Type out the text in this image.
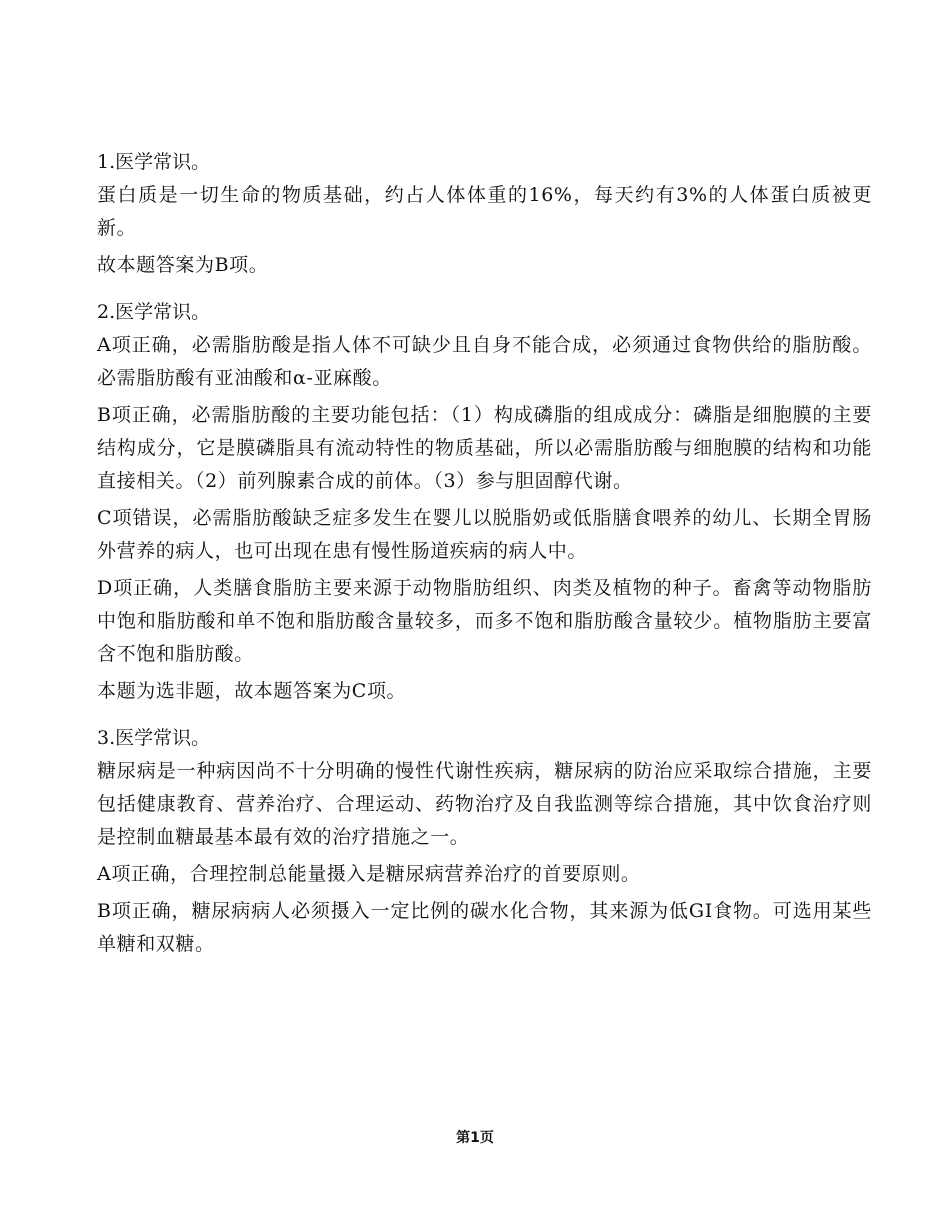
1.医学常识。

蛋白质是一切生命的物质基础，约占人体体重的16%，每天约有3%的人体蛋白质被更新。

故本题答案为B项。

2.医学常识。

A项正确，必需脂肪酸是指人体不可缺少且自身不能合成，必须通过食物供给的脂肪酸。必需脂肪酸有亚油酸和α-亚麻酸。

B项正确，必需脂肪酸的主要功能包括：（1）构成磷脂的组成成分：磷脂是细胞膜的主要结构成分，它是膜磷脂具有流动特性的物质基础，所以必需脂肪酸与细胞膜的结构和功能直接相关。（2）前列腺素合成的前体。（3）参与胆固醇代谢。

C项错误，必需脂肪酸缺乏症多发生在婴儿以脱脂奶或低脂膳食喂养的幼儿、长期全胃肠外营养的病人，也可出现在患有慢性肠道疾病的病人中。

D项正确，人类膳食脂肪主要来源于动物脂肪组织、肉类及植物的种子。畜禽等动物脂肪中饱和脂肪酸和单不饱和脂肪酸含量较多，而多不饱和脂肪酸含量较少。植物脂肪主要富含不饱和脂肪酸。

本题为选非题，故本题答案为C项。

3.医学常识。

糖尿病是一种病因尚不十分明确的慢性代谢性疾病，糖尿病的防治应采取综合措施，主要包括健康教育、营养治疗、合理运动、药物治疗及自我监测等综合措施，其中饮食治疗则是控制血糖最基本最有效的治疗措施之一。

A项正确，合理控制总能量摄入是糖尿病营养治疗的首要原则。

B项正确，糖尿病病人必须摄入一定比例的碳水化合物，其来源为低GI食物。可选用某些单糖和双糖。

第1页
